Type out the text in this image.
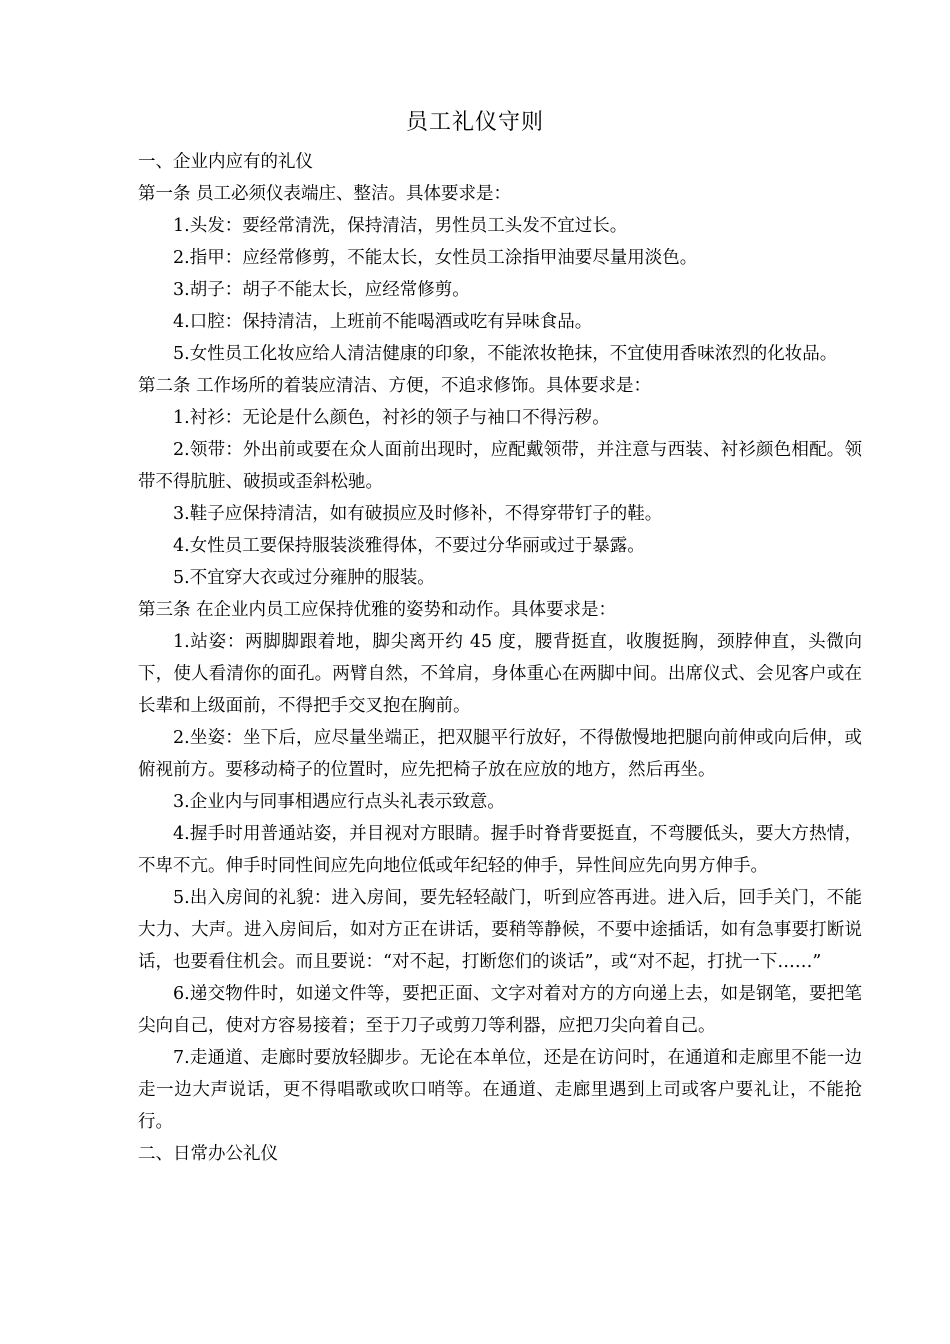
员工礼仪守则

一、企业内应有的礼仪

第一条 员工必须仪表端庄、整洁。具体要求是：

1.头发：要经常清洗，保持清洁，男性员工头发不宜过长。

2.指甲：应经常修剪，不能太长，女性员工涂指甲油要尽量用淡色。

3.胡子：胡子不能太长，应经常修剪。

4.口腔：保持清洁，上班前不能喝酒或吃有异味食品。

5.女性员工化妆应给人清洁健康的印象，不能浓妆艳抹，不宜使用香味浓烈的化妆品。

第二条 工作场所的着装应清洁、方便，不追求修饰。具体要求是：

1.衬衫：无论是什么颜色，衬衫的领子与袖口不得污秽。

2.领带：外出前或要在众人面前出现时，应配戴领带，并注意与西装、衬衫颜色相配。领带不得肮脏、破损或歪斜松驰。

3.鞋子应保持清洁，如有破损应及时修补，不得穿带钉子的鞋。

4.女性员工要保持服装淡雅得体，不要过分华丽或过于暴露。

5.不宜穿大衣或过分雍肿的服装。

第三条 在企业内员工应保持优雅的姿势和动作。具体要求是：

1.站姿：两脚脚跟着地，脚尖离开约 45 度，腰背挺直，收腹挺胸，颈脖伸直，头微向下，使人看清你的面孔。两臂自然，不耸肩，身体重心在两脚中间。出席仪式、会见客户或在长辈和上级面前，不得把手交叉抱在胸前。

2.坐姿：坐下后，应尽量坐端正，把双腿平行放好，不得傲慢地把腿向前伸或向后伸，或俯视前方。要移动椅子的位置时，应先把椅子放在应放的地方，然后再坐。

3.企业内与同事相遇应行点头礼表示致意。

4.握手时用普通站姿，并目视对方眼睛。握手时脊背要挺直，不弯腰低头，要大方热情，不卑不亢。伸手时同性间应先向地位低或年纪轻的伸手，异性间应先向男方伸手。

5.出入房间的礼貌：进入房间，要先轻轻敲门，听到应答再进。进入后，回手关门，不能大力、大声。进入房间后，如对方正在讲话，要稍等静候，不要中途插话，如有急事要打断说话，也要看住机会。而且要说：“对不起，打断您们的谈话”，或“对不起，打扰一下……”

6.递交物件时，如递文件等，要把正面、文字对着对方的方向递上去，如是钢笔，要把笔尖向自己，使对方容易接着；至于刀子或剪刀等利器，应把刀尖向着自己。

7.走通道、走廊时要放轻脚步。无论在本单位，还是在访问时，在通道和走廊里不能一边走一边大声说话，更不得唱歌或吹口哨等。在通道、走廊里遇到上司或客户要礼让，不能抢行。

二、日常办公礼仪
